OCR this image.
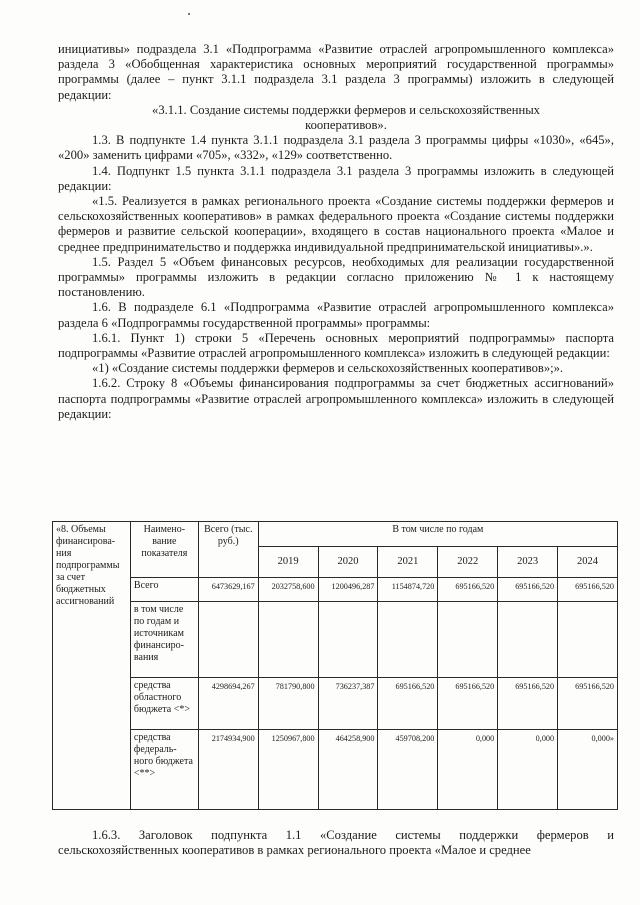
инициативы» подраздела 3.1 «Подпрограмма «Развитие отраслей агропромышленного комплекса» раздела 3 «Обобщенная характеристика основных мероприятий государственной программы» программы (далее – пункт 3.1.1 подраздела 3.1 раздела 3 программы) изложить в следующей редакции:

«3.1.1. Создание системы поддержки фермеров и сельскохозяйственных кооперативов».

1.3. В подпункте 1.4 пункта 3.1.1 подраздела 3.1 раздела 3 программы цифры «1030», «645», «200» заменить цифрами «705», «332», «129» соответственно.

1.4. Подпункт 1.5 пункта 3.1.1 подраздела 3.1 раздела 3 программы изложить в следующей редакции:

«1.5. Реализуется в рамках регионального проекта «Создание системы поддержки фермеров и сельскохозяйственных кооперативов» в рамках федерального проекта «Создание системы поддержки фермеров и развитие сельской кооперации», входящего в состав национального проекта «Малое и среднее предпринимательство и поддержка индивидуальной предпринимательской инициативы».».

1.5. Раздел 5 «Объем финансовых ресурсов, необходимых для реализации государственной программы» программы изложить в редакции согласно приложению № 1 к настоящему постановлению.

1.6. В подразделе 6.1 «Подпрограмма «Развитие отраслей агропромышленного комплекса» раздела 6 «Подпрограммы государственной программы» программы:

1.6.1. Пункт 1) строки 5 «Перечень основных мероприятий подпрограммы» паспорта подпрограммы «Развитие отраслей агропромышленного комплекса» изложить в следующей редакции:

«1) «Создание системы поддержки фермеров и сельскохозяйственных кооперативов»;».

1.6.2. Строку 8 «Объемы финансирования подпрограммы за счет бюджетных ассигнований» паспорта подпрограммы «Развитие отраслей агропромышленного комплекса» изложить в следующей редакции:

«8. Объемы финансирова-ния подпрограммы за счет бюджетных ассигнований	Наимено-вание показателя	Всего (тыс. руб.)	В том числе по годам					
			2019	2020	2021	2022	2023	2024
	Всего	6473629,167	2032758,600	1200496,287	1154874,720	695166,520	695166,520	695166,520
	в том числе по годам и источникам финансиро-вания							
	средства областного бюджета <*>	4298694,267	781790,800	736237,387	695166,520	695166,520	695166,520	695166,520
	средства федераль-ного бюджета <**>	2174934,900	1250967,800	464258,900	459708,200	0,000	0,000	0,000»

1.6.3. Заголовок подпункта 1.1 «Создание системы поддержки фермеров и сельскохозяйственных кооперативов в рамках регионального проекта «Малое и среднее
